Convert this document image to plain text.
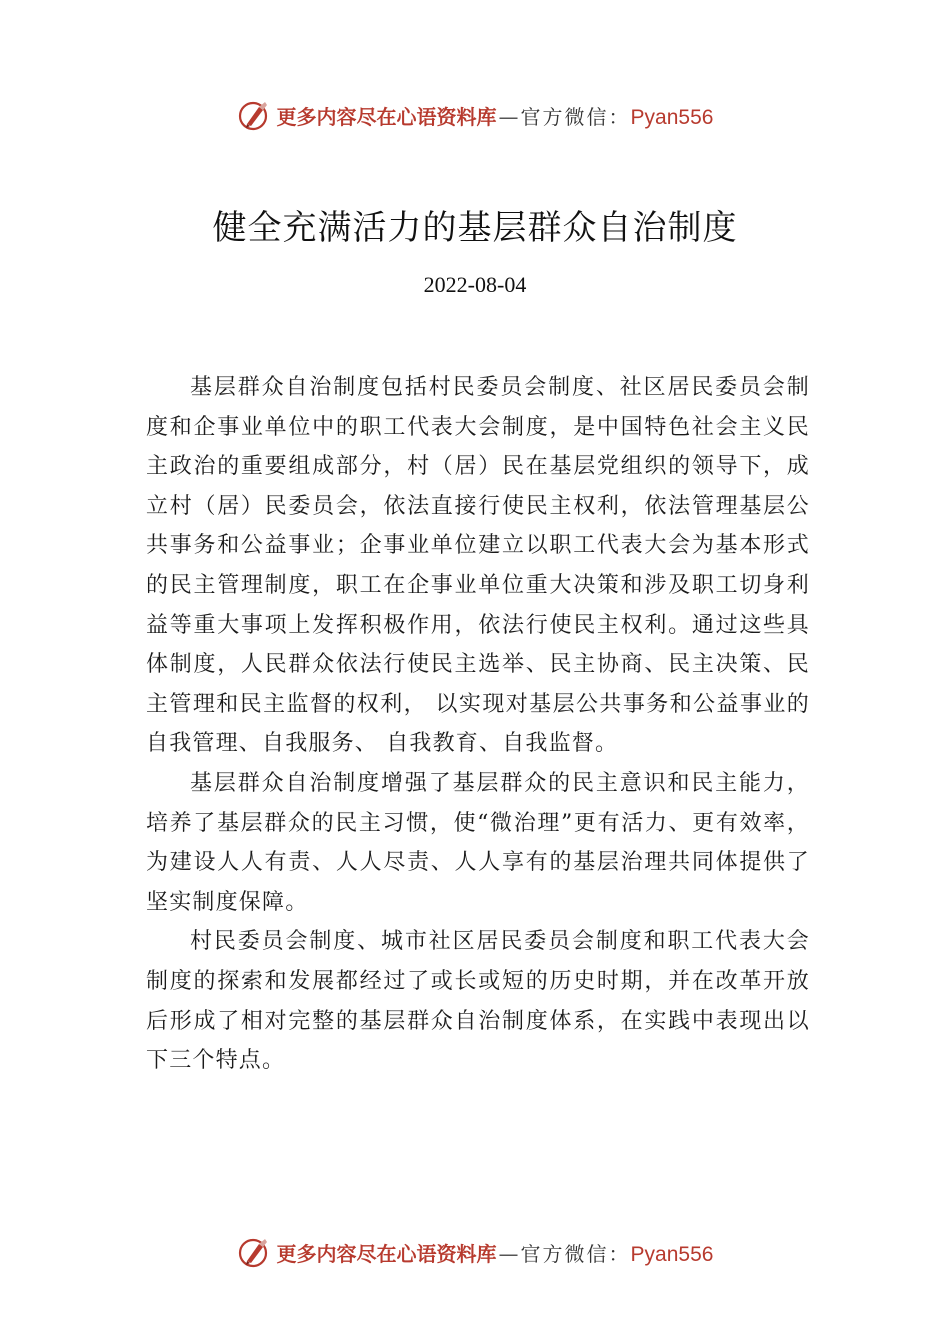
更多内容尽在心语资料库 — 官方微信： Pyan556
健全充满活力的基层群众自治制度
2022-08-04

基层群众自治制度包括村民委员会制度、社区居民委员会制度和企事业单位中的职工代表大会制度，是中国特色社会主义民主政治的重要组成部分，村（居）民在基层党组织的领导下，成立村（居）民委员会，依法直接行使民主权利，依法管理基层公共事务和公益事业；企事业单位建立以职工代表大会为基本形式的民主管理制度，职工在企事业单位重大决策和涉及职工切身利益等重大事项上发挥积极作用，依法行使民主权利。通过这些具体制度，人民群众依法行使民主选举、民主协商、民主决策、民主管理和民主监督的权利， 以实现对基层公共事务和公益事业的自我管理、自我服务、 自我教育、自我监督。

基层群众自治制度增强了基层群众的民主意识和民主能力，培养了基层群众的民主习惯，使“微治理”更有活力、更有效率，为建设人人有责、人人尽责、人人享有的基层治理共同体提供了坚实制度保障。

村民委员会制度、城市社区居民委员会制度和职工代表大会制度的探索和发展都经过了或长或短的历史时期，并在改革开放后形成了相对完整的基层群众自治制度体系，在实践中表现出以下三个特点。

更多内容尽在心语资料库 — 官方微信： Pyan556
